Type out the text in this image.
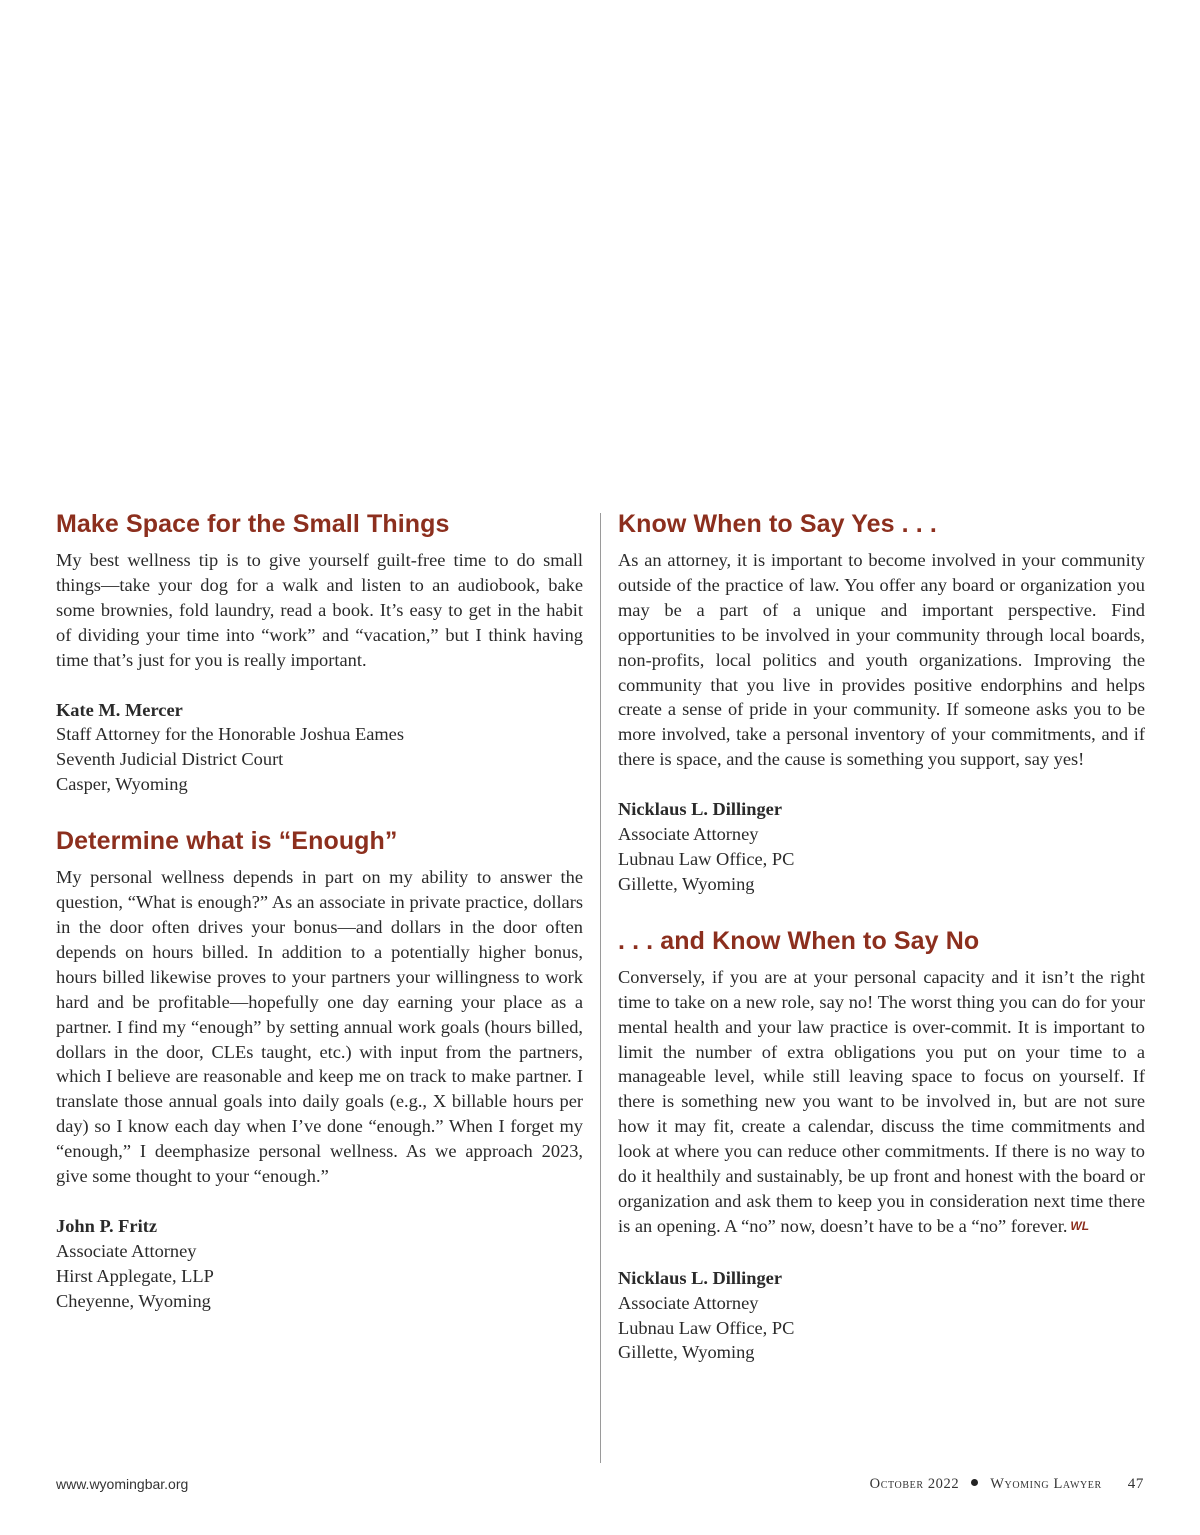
Make Space for the Small Things

My best wellness tip is to give yourself guilt-free time to do small things—take your dog for a walk and listen to an audiobook, bake some brownies, fold laundry, read a book. It’s easy to get in the habit of dividing your time into “work” and “vacation,” but I think having time that’s just for you is really important.

Kate M. Mercer
Staff Attorney for the Honorable Joshua Eames
Seventh Judicial District Court
Casper, Wyoming
Determine what is “Enough”

My personal wellness depends in part on my ability to answer the question, “What is enough?” As an associate in private practice, dollars in the door often drives your bonus—and dollars in the door often depends on hours billed. In addition to a potentially higher bonus, hours billed likewise proves to your partners your willingness to work hard and be profitable—hopefully one day earning your place as a partner. I find my “enough” by setting annual work goals (hours billed, dollars in the door, CLEs taught, etc.) with input from the partners, which I believe are reasonable and keep me on track to make partner. I translate those annual goals into daily goals (e.g., X billable hours per day) so I know each day when I’ve done “enough.” When I forget my “enough,” I deemphasize personal wellness. As we approach 2023, give some thought to your “enough.”

John P. Fritz
Associate Attorney
Hirst Applegate, LLP
Cheyenne, Wyoming
Know When to Say Yes . . .

As an attorney, it is important to become involved in your community outside of the practice of law. You offer any board or organization you may be a part of a unique and important perspective. Find opportunities to be involved in your community through local boards, non-profits, local politics and youth organizations. Improving the community that you live in provides positive endorphins and helps create a sense of pride in your community. If someone asks you to be more involved, take a personal inventory of your commitments, and if there is space, and the cause is something you support, say yes!

Nicklaus L. Dillinger
Associate Attorney
Lubnau Law Office, PC
Gillette, Wyoming
. . . and Know When to Say No

Conversely, if you are at your personal capacity and it isn’t the right time to take on a new role, say no! The worst thing you can do for your mental health and your law practice is over-commit. It is important to limit the number of extra obligations you put on your time to a manageable level, while still leaving space to focus on yourself. If there is something new you want to be involved in, but are not sure how it may fit, create a calendar, discuss the time commitments and look at where you can reduce other commitments. If there is no way to do it healthily and sustainably, be up front and honest with the board or organization and ask them to keep you in consideration next time there is an opening. A “no” now, doesn’t have to be a “no” forever. WL

Nicklaus L. Dillinger
Associate Attorney
Lubnau Law Office, PC
Gillette, Wyoming
www.wyomingbar.org	October 2022 Wyoming Lawyer 47
